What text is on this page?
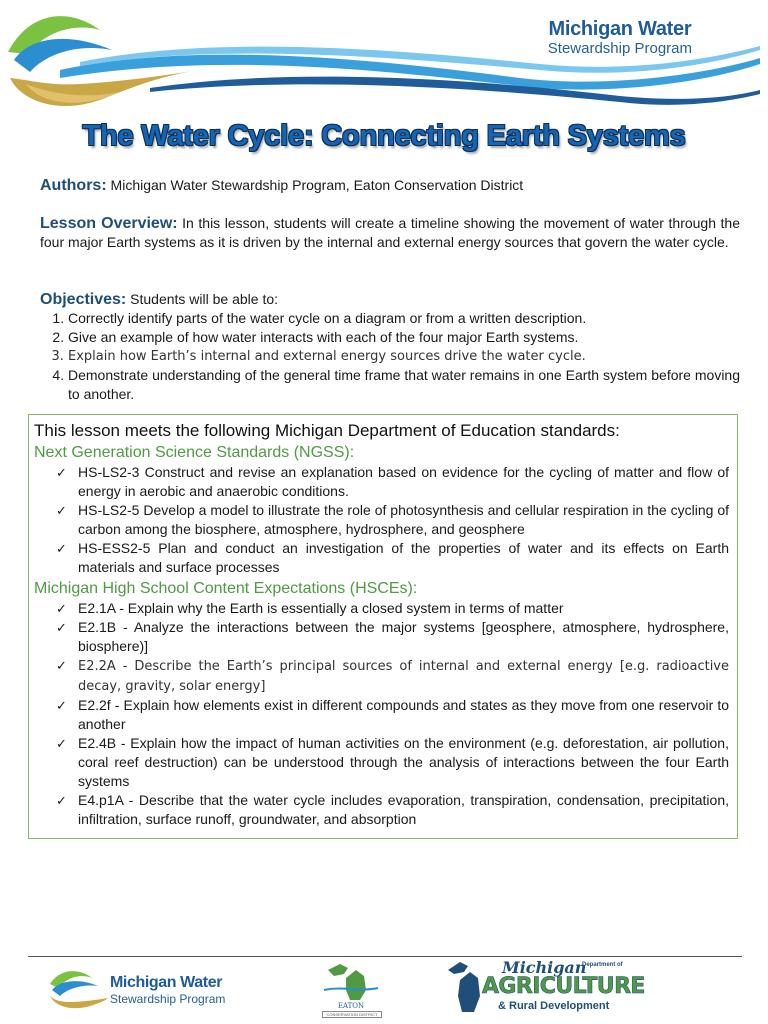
Michigan Water
Stewardship Program
The Water Cycle: Connecting Earth Systems
Authors: Michigan Water Stewardship Program, Eaton Conservation District
Lesson Overview: In this lesson, students will create a timeline showing the movement of water through the four major Earth systems as it is driven by the internal and external energy sources that govern the water cycle.
Objectives: Students will be able to:
1. Correctly identify parts of the water cycle on a diagram or from a written description.
2. Give an example of how water interacts with each of the four major Earth systems.
3. Explain how Earth’s internal and external energy sources drive the water cycle.
4. Demonstrate understanding of the general time frame that water remains in one Earth system before moving to another.
This lesson meets the following Michigan Department of Education standards:
Next Generation Science Standards (NGSS):
✓ HS-LS2-3 Construct and revise an explanation based on evidence for the cycling of matter and flow of energy in aerobic and anaerobic conditions.
✓ HS-LS2-5 Develop a model to illustrate the role of photosynthesis and cellular respiration in the cycling of carbon among the biosphere, atmosphere, hydrosphere, and geosphere
✓ HS-ESS2-5 Plan and conduct an investigation of the properties of water and its effects on Earth materials and surface processes
Michigan High School Content Expectations (HSCEs):
✓ E2.1A - Explain why the Earth is essentially a closed system in terms of matter
✓ E2.1B - Analyze the interactions between the major systems [geosphere, atmosphere, hydrosphere, biosphere)]
✓ E2.2A - Describe the Earth’s principal sources of internal and external energy [e.g. radioactive decay, gravity, solar energy]
✓ E2.2f - Explain how elements exist in different compounds and states as they move from one reservoir to another
✓ E2.4B - Explain how the impact of human activities on the environment (e.g. deforestation, air pollution, coral reef destruction) can be understood through the analysis of interactions between the four Earth systems
✓ E4.p1A - Describe that the water cycle includes evaporation, transpiration, condensation, precipitation, infiltration, surface runoff, groundwater, and absorption
Michigan Water
Stewardship Program	EATON
CONSERVATION DISTRICT
Michigan
Department of
AGRICULTURE
& Rural Development
